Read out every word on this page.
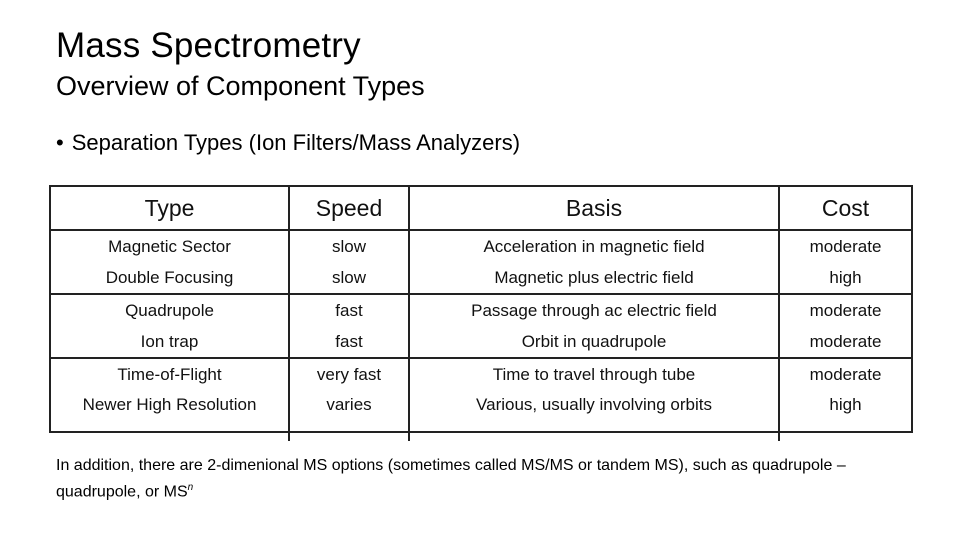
Mass Spectrometry
Overview of Component Types
• Separation Types (Ion Filters/Mass Analyzers)
Type	Speed	Basis	Cost
Magnetic Sector	slow	Acceleration in magnetic field	moderate
Double Focusing	slow	Magnetic plus electric field	high
Quadrupole	fast	Passage through ac electric field	moderate
Ion trap	fast	Orbit in quadrupole	moderate
Time-of-Flight	very fast	Time to travel through tube	moderate
Newer High Resolution	varies	Various, usually involving orbits	high
In addition, there are 2-dimenional MS options (sometimes called MS/MS or tandem MS), such as quadrupole – quadrupole, or $MS^n$
